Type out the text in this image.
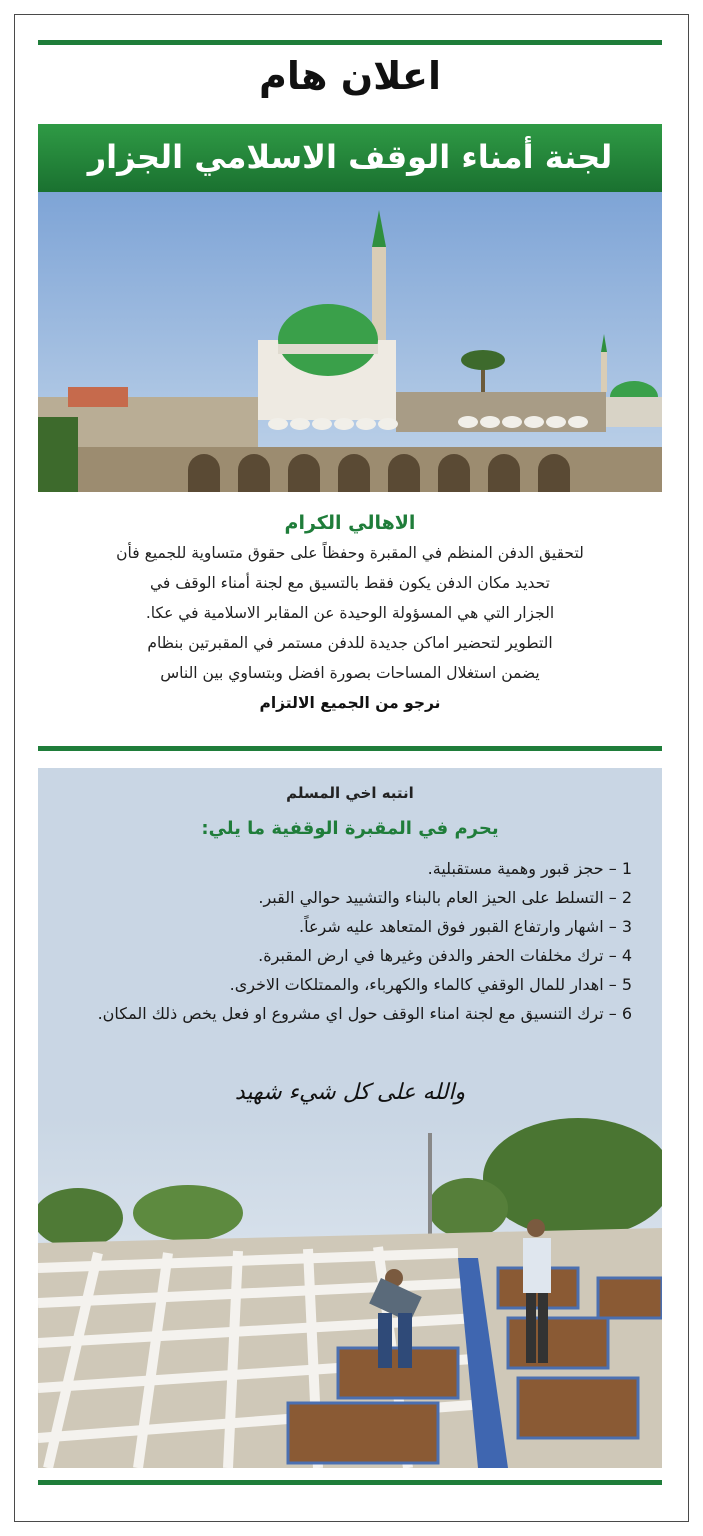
اعلان هام
لجنة أمناء الوقف الاسلامي الجزار
الاهالي الكرام
لتحقيق الدفن المنظم في المقبرة وحفظاً على حقوق متساوية للجميع فأن
تحديد مكان الدفن يكون فقط بالتسيق مع لجنة أمناء الوقف في
الجزار التي هي المسؤولة الوحيدة عن المقابر الاسلامية في عكا.
التطوير لتحضير اماكن جديدة للدفن مستمر في المقبرتين بنظام
يضمن استغلال المساحات بصورة افضل وبتساوي بين الناس
نرجو من الجميع الالتزام
انتبه اخي المسلم
يحرم في المقبرة الوقفية ما يلي:
1 – حجز قبور وهمية مستقبلية.
2 – التسلط على الحيز العام بالبناء والتشييد حوالي القبر.
3 – اشهار وارتفاع القبور فوق المتعاهد عليه شرعاً.
4 – ترك مخلفات الحفر والدفن وغيرها في ارض المقبرة.
5 – اهدار للمال الوقفي كالماء والكهرباء، والممتلكات الاخرى.
6 – ترك التنسيق مع لجنة امناء الوقف حول اي مشروع او فعل يخص ذلك المكان.
والله على كل شيء شهيد
